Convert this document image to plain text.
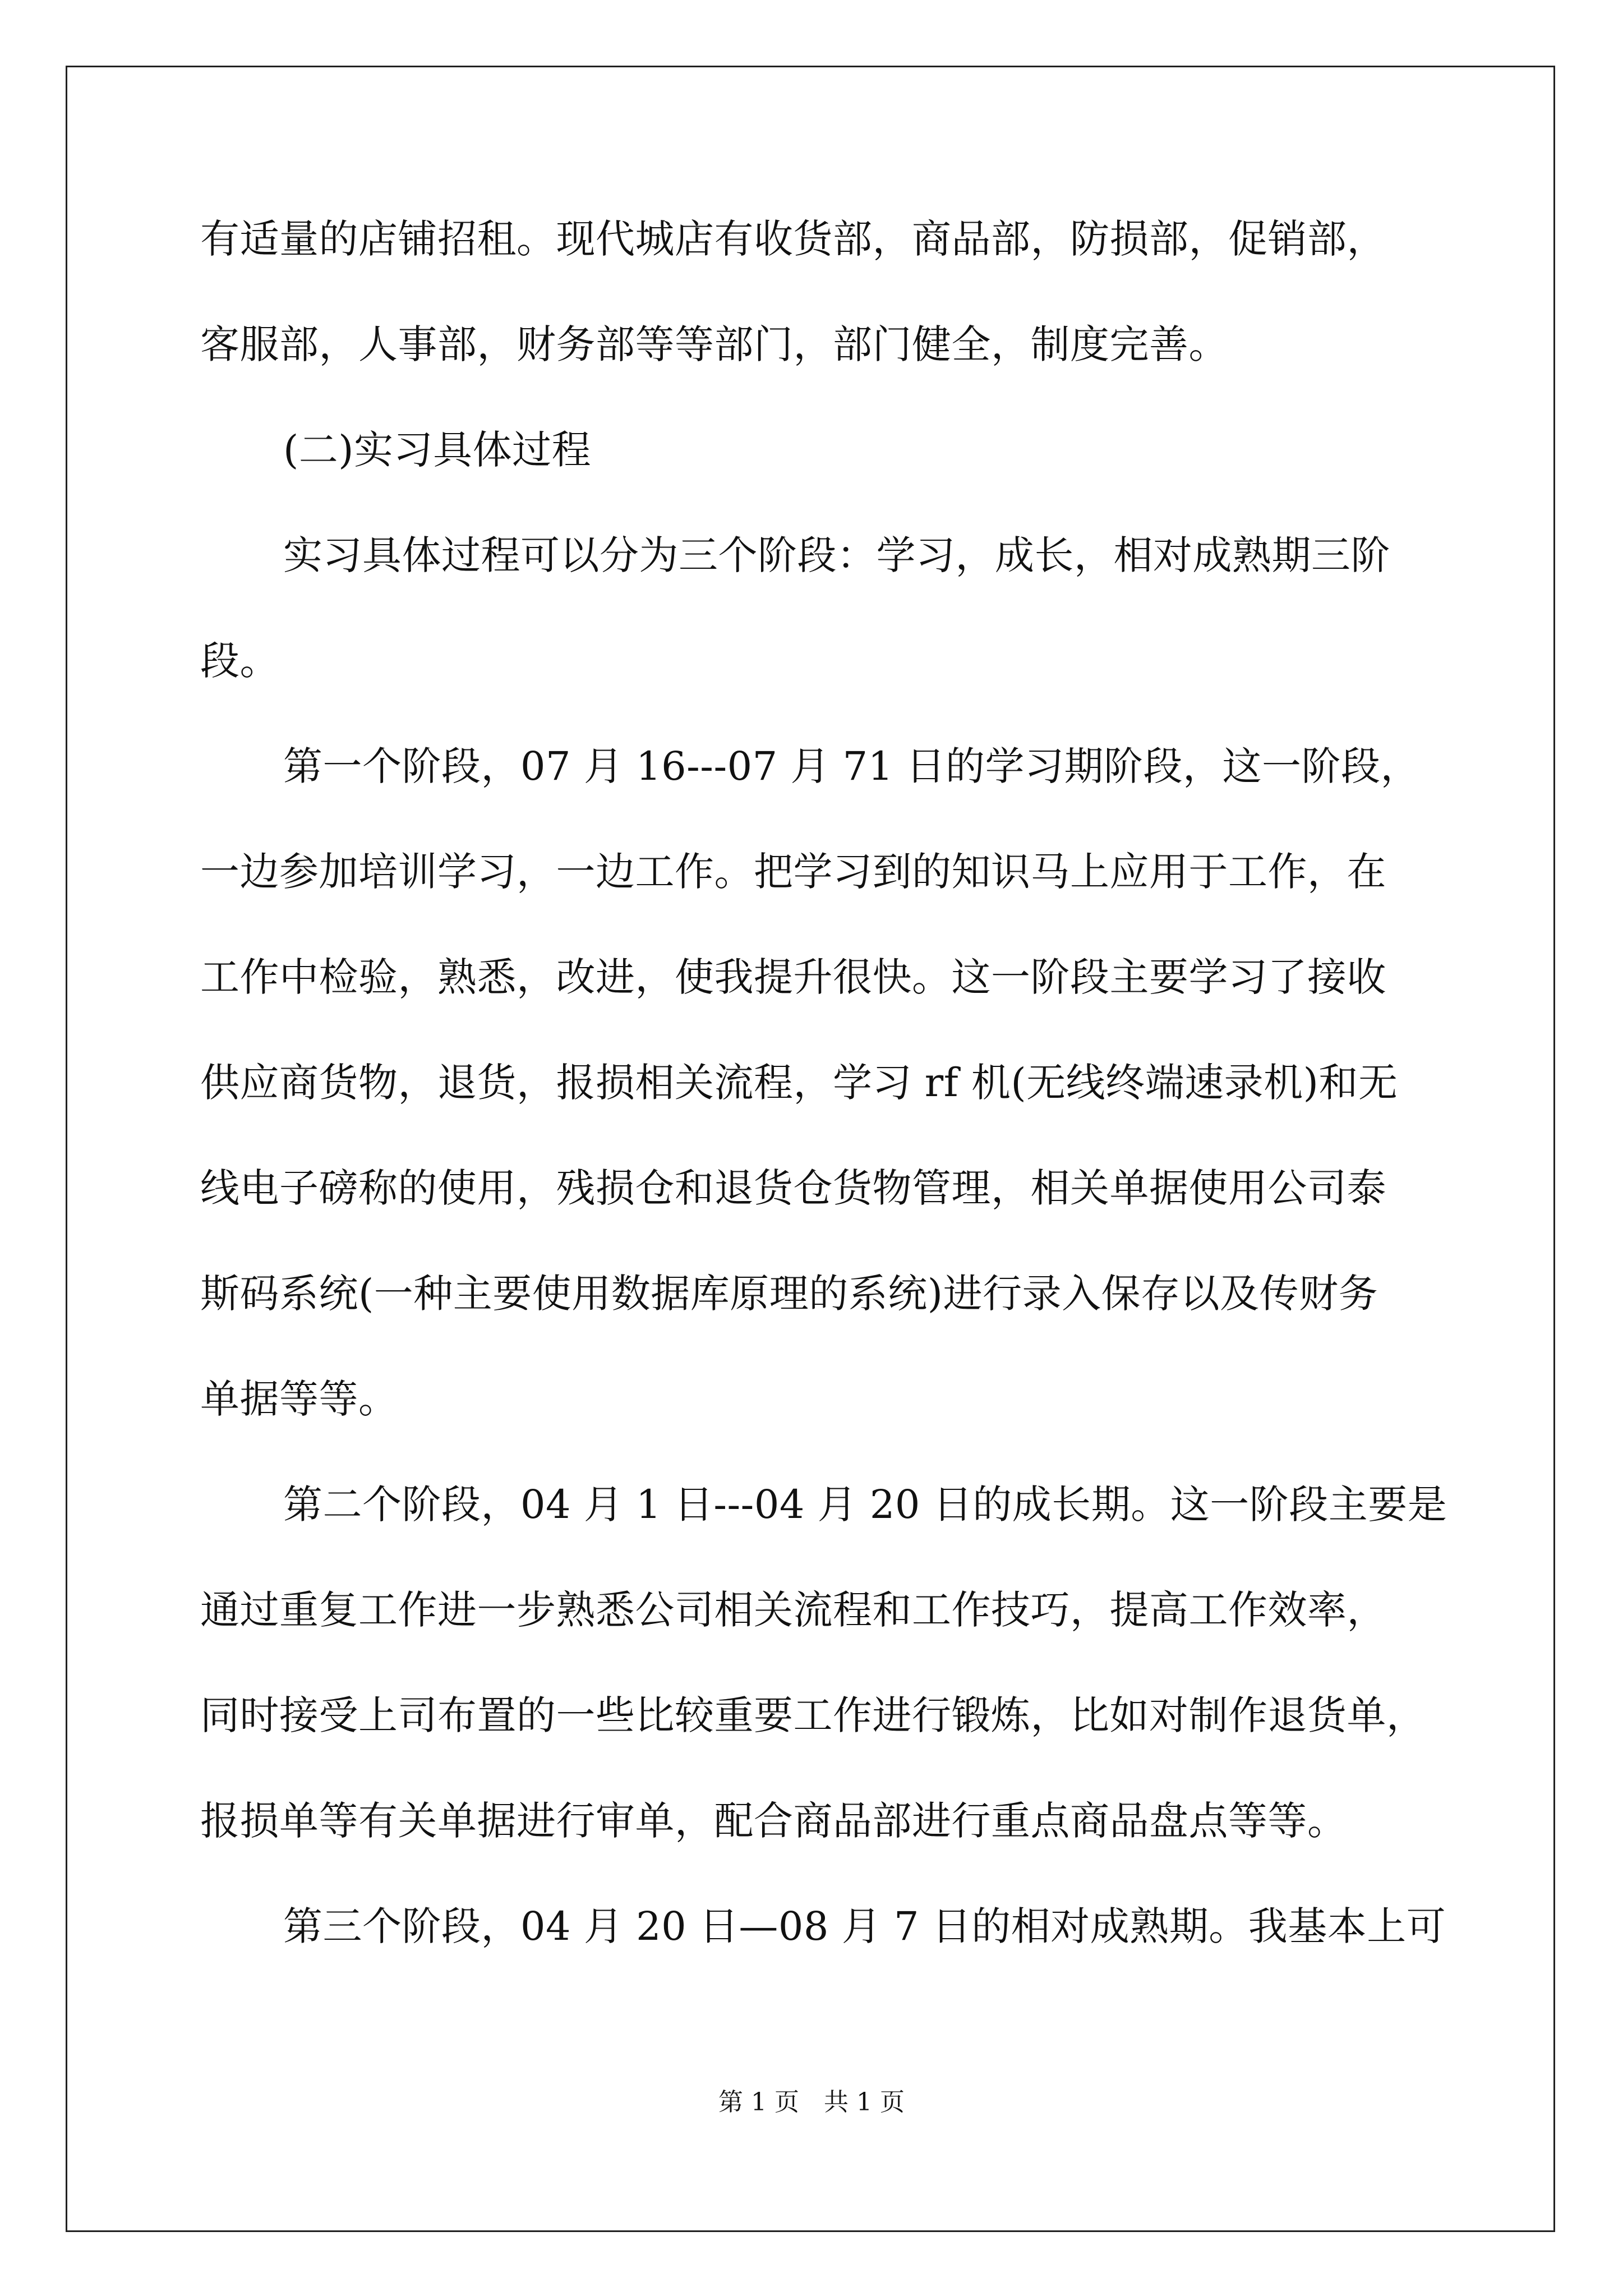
有适量的店铺招租。现代城店有收货部，商品部，防损部，促销部，
客服部，人事部，财务部等等部门，部门健全，制度完善。
(二)实习具体过程
实习具体过程可以分为三个阶段：学习，成长，相对成熟期三阶
段。
第一个阶段，07 月 16---07 月 71 日的学习期阶段，这一阶段，
一边参加培训学习，一边工作。把学习到的知识马上应用于工作，在
工作中检验，熟悉，改进，使我提升很快。这一阶段主要学习了接收
供应商货物，退货，报损相关流程，学习 rf 机(无线终端速录机)和无
线电子磅称的使用，残损仓和退货仓货物管理，相关单据使用公司泰
斯码系统(一种主要使用数据库原理的系统)进行录入保存以及传财务
单据等等。
第二个阶段，04 月 1 日---04 月 20 日的成长期。这一阶段主要是
通过重复工作进一步熟悉公司相关流程和工作技巧，提高工作效率，
同时接受上司布置的一些比较重要工作进行锻炼，比如对制作退货单，
报损单等有关单据进行审单，配合商品部进行重点商品盘点等等。
第三个阶段，04 月 20 日—08 月 7 日的相对成熟期。我基本上可
第 1 页　共 1 页
